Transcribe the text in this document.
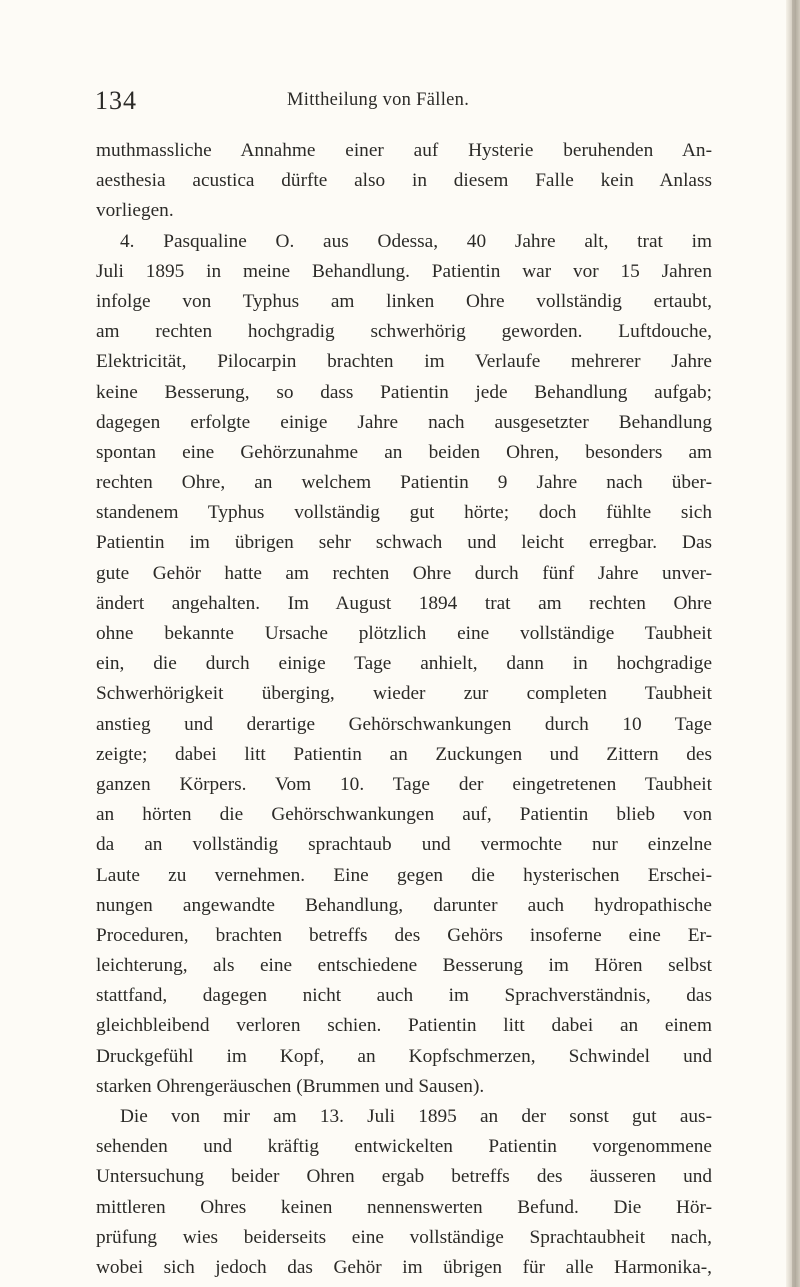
134	Mittheilung von Fällen.
muthmassliche Annahme einer auf Hysterie beruhenden An-
aesthesia acustica dürfte also in diesem Falle kein Anlass
vorliegen.
4. Pasqualine O. aus Odessa, 40 Jahre alt, trat im
Juli 1895 in meine Behandlung. Patientin war vor 15 Jahren
infolge von Typhus am linken Ohre vollständig ertaubt,
am rechten hochgradig schwerhörig geworden. Luftdouche,
Elektricität, Pilocarpin brachten im Verlaufe mehrerer Jahre
keine Besserung, so dass Patientin jede Behandlung aufgab;
dagegen erfolgte einige Jahre nach ausgesetzter Behandlung
spontan eine Gehörzunahme an beiden Ohren, besonders am
rechten Ohre, an welchem Patientin 9 Jahre nach über-
standenem Typhus vollständig gut hörte; doch fühlte sich
Patientin im übrigen sehr schwach und leicht erregbar. Das
gute Gehör hatte am rechten Ohre durch fünf Jahre unver-
ändert angehalten. Im August 1894 trat am rechten Ohre
ohne bekannte Ursache plötzlich eine vollständige Taubheit
ein, die durch einige Tage anhielt, dann in hochgradige
Schwerhörigkeit überging, wieder zur completen Taubheit
anstieg und derartige Gehörschwankungen durch 10 Tage
zeigte; dabei litt Patientin an Zuckungen und Zittern des
ganzen Körpers. Vom 10. Tage der eingetretenen Taubheit
an hörten die Gehörschwankungen auf, Patientin blieb von
da an vollständig sprachtaub und vermochte nur einzelne
Laute zu vernehmen. Eine gegen die hysterischen Erschei-
nungen angewandte Behandlung, darunter auch hydropathische
Proceduren, brachten betreffs des Gehörs insoferne eine Er-
leichterung, als eine entschiedene Besserung im Hören selbst
stattfand, dagegen nicht auch im Sprachverständnis, das
gleichbleibend verloren schien. Patientin litt dabei an einem
Druckgefühl im Kopf, an Kopfschmerzen, Schwindel und
starken Ohrengeräuschen (Brummen und Sausen).
Die von mir am 13. Juli 1895 an der sonst gut aus-
sehenden und kräftig entwickelten Patientin vorgenommene
Untersuchung beider Ohren ergab betreffs des äusseren und
mittleren Ohres keinen nennenswerten Befund. Die Hör-
prüfung wies beiderseits eine vollständige Sprachtaubheit nach,
wobei sich jedoch das Gehör im übrigen für alle Harmonika-,
